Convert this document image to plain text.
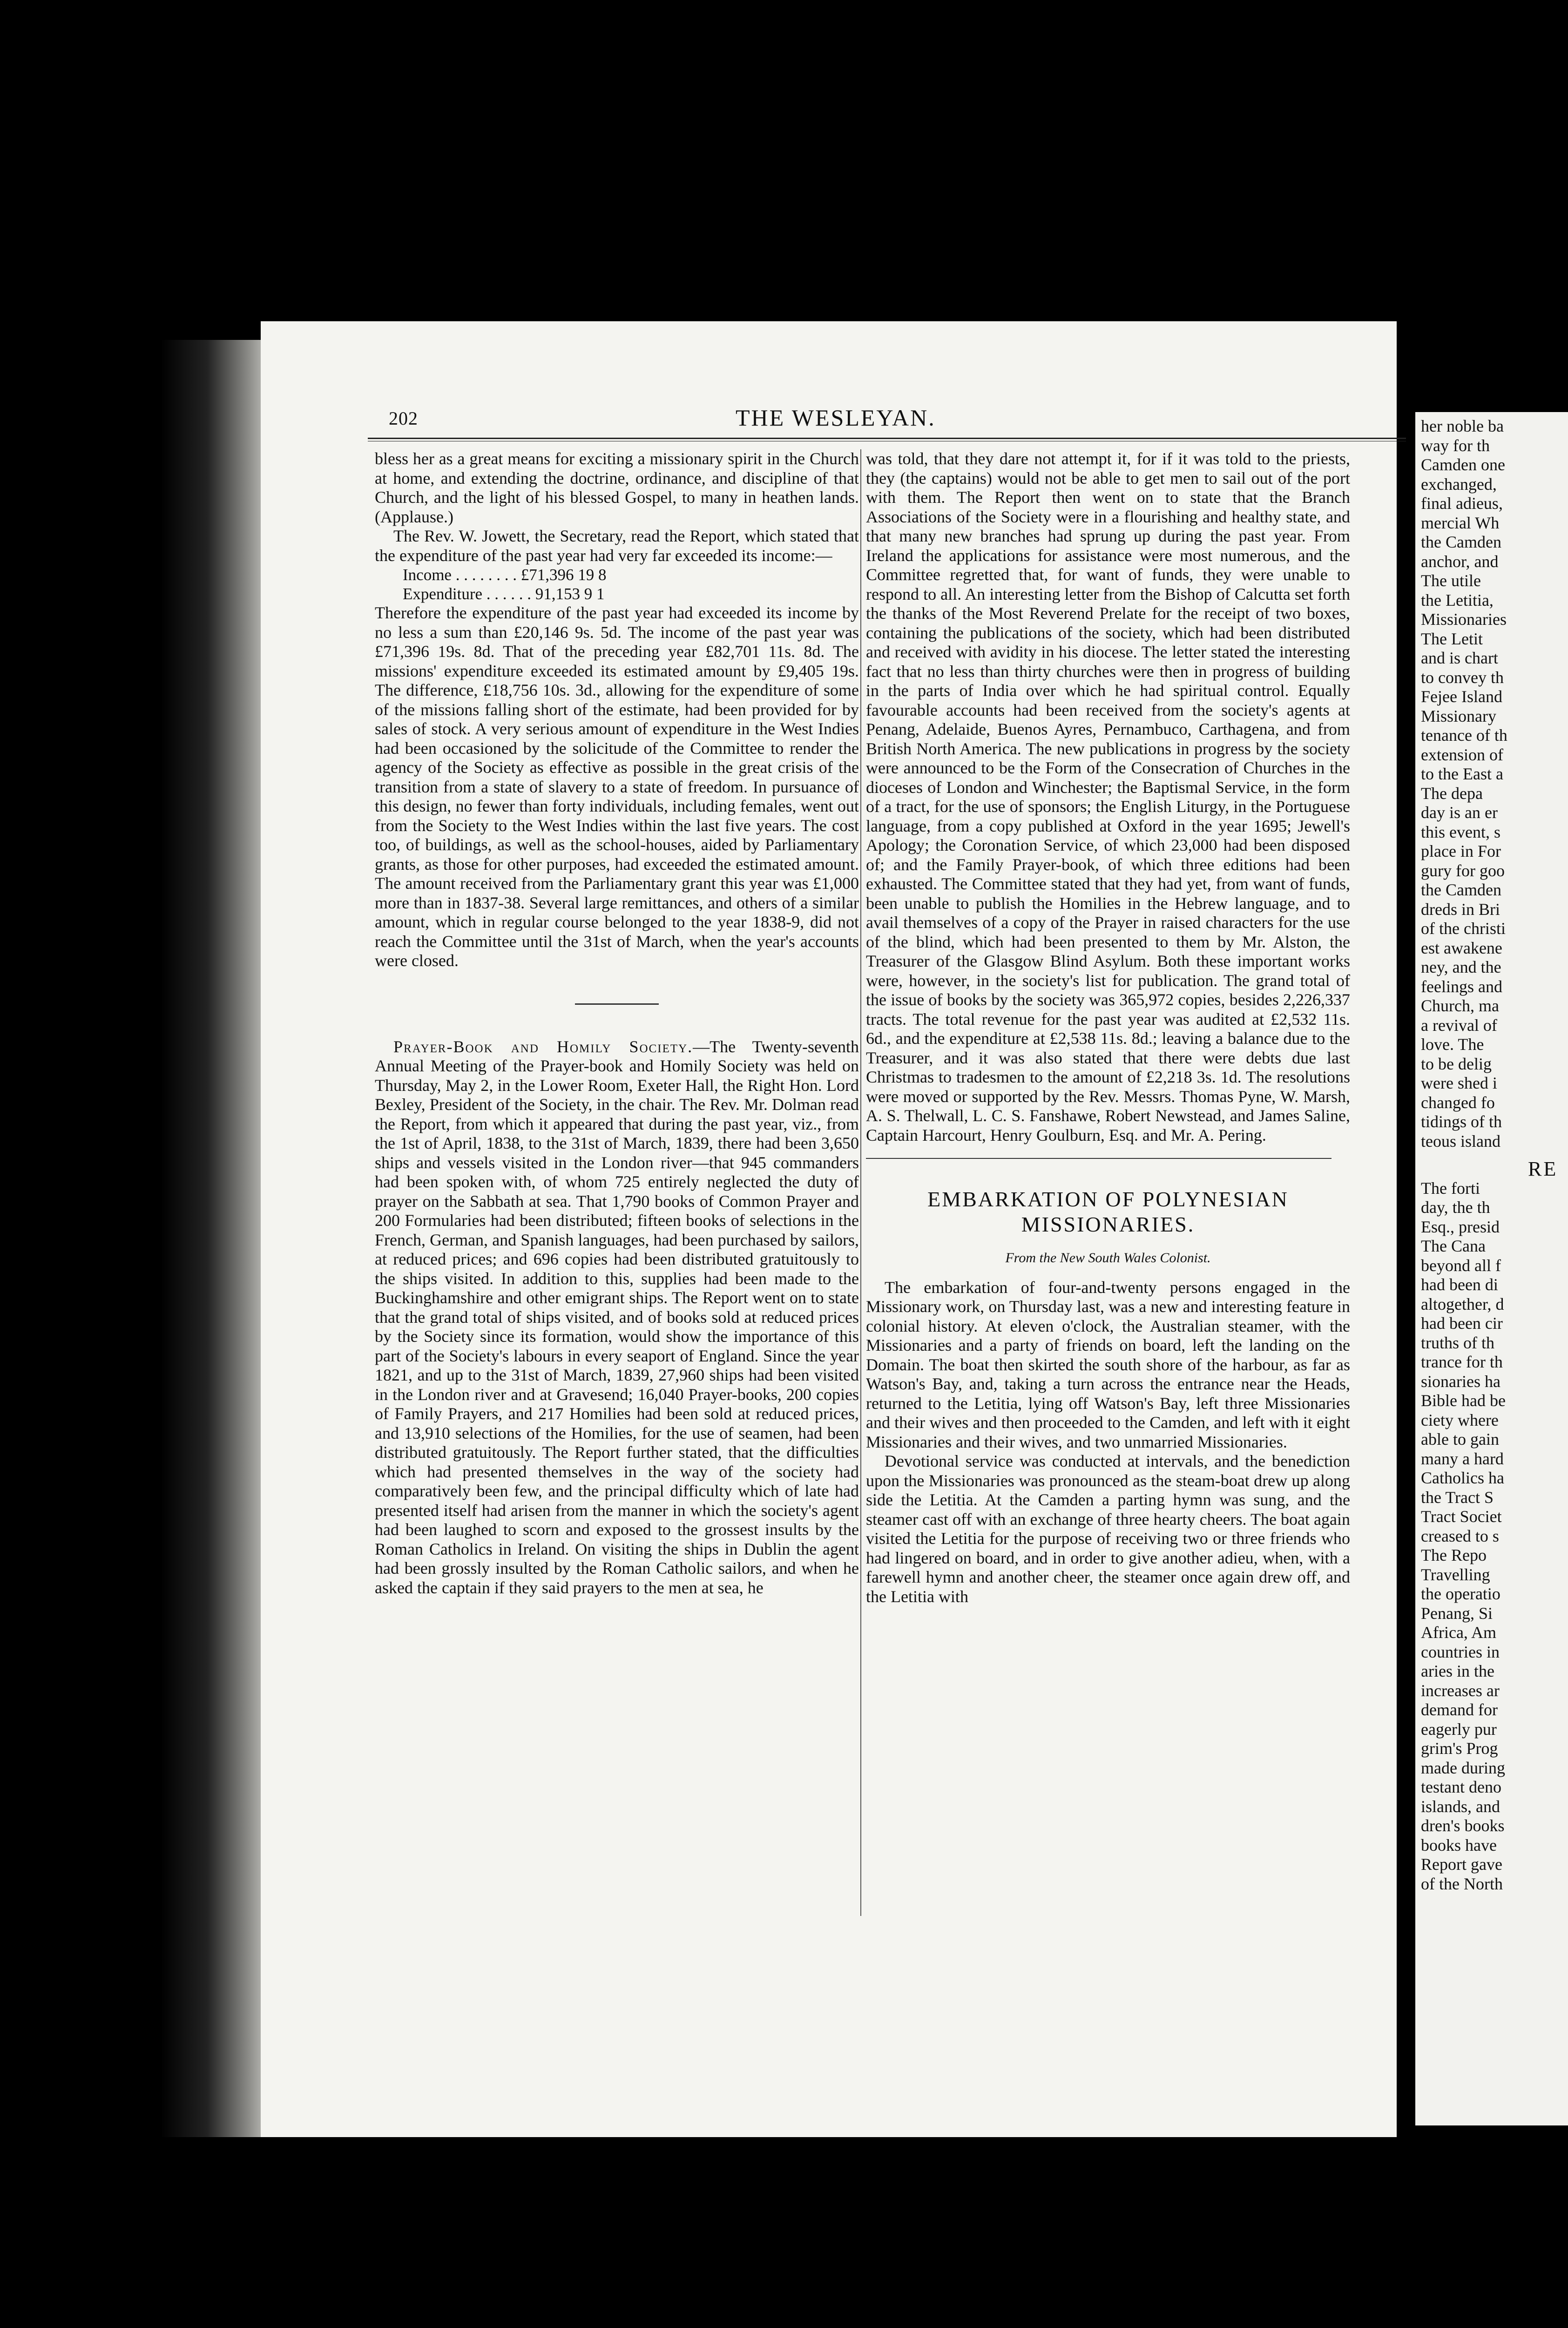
202	THE WESLEYAN.

bless her as a great means for exciting a missionary spirit in the Church at home, and extending the doctrine, ordinance, and discipline of that Church, and the light of his blessed Gospel, to many in heathen lands. (Applause.)

The Rev. W. Jowett, the Secretary, read the Report, which stated that the expenditure of the past year had very far exceeded its income:—

Income . . . . . . . . £71,396 19 8
Expenditure . . . . . . 91,153 9 1

Therefore the expenditure of the past year had exceeded its income by no less a sum than £20,146 9s. 5d. The income of the past year was £71,396 19s. 8d. That of the preceding year £82,701 11s. 8d. The missions' expenditure exceeded its estimated amount by £9,405 19s. The difference, £18,756 10s. 3d., allowing for the expenditure of some of the missions falling short of the estimate, had been provided for by sales of stock. A very serious amount of expenditure in the West Indies had been occasioned by the solicitude of the Committee to render the agency of the Society as effective as possible in the great crisis of the transition from a state of slavery to a state of freedom. In pursuance of this design, no fewer than forty individuals, including females, went out from the Society to the West Indies within the last five years. The cost too, of buildings, as well as the school-houses, aided by Parliamentary grants, as those for other purposes, had exceeded the estimated amount. The amount received from the Parliamentary grant this year was £1,000 more than in 1837-38. Several large remittances, and others of a similar amount, which in regular course belonged to the year 1838-9, did not reach the Committee until the 31st of March, when the year's accounts were closed.

Prayer-Book and Homily Society.—The Twenty-seventh Annual Meeting of the Prayer-book and Homily Society was held on Thursday, May 2, in the Lower Room, Exeter Hall, the Right Hon. Lord Bexley, President of the Society, in the chair. The Rev. Mr. Dolman read the Report, from which it appeared that during the past year, viz., from the 1st of April, 1838, to the 31st of March, 1839, there had been 3,650 ships and vessels visited in the London river—that 945 commanders had been spoken with, of whom 725 entirely neglected the duty of prayer on the Sabbath at sea. That 1,790 books of Common Prayer and 200 Formularies had been distributed; fifteen books of selections in the French, German, and Spanish languages, had been purchased by sailors, at reduced prices; and 696 copies had been distributed gratuitously to the ships visited. In addition to this, supplies had been made to the Buckinghamshire and other emigrant ships. The Report went on to state that the grand total of ships visited, and of books sold at reduced prices by the Society since its formation, would show the importance of this part of the Society's labours in every seaport of England. Since the year 1821, and up to the 31st of March, 1839, 27,960 ships had been visited in the London river and at Gravesend; 16,040 Prayer-books, 200 copies of Family Prayers, and 217 Homilies had been sold at reduced prices, and 13,910 selections of the Homilies, for the use of seamen, had been distributed gratuitously. The Report further stated, that the difficulties which had presented themselves in the way of the society had comparatively been few, and the principal difficulty which of late had presented itself had arisen from the manner in which the society's agent had been laughed to scorn and exposed to the grossest insults by the Roman Catholics in Ireland. On visiting the ships in Dublin the agent had been grossly insulted by the Roman Catholic sailors, and when he asked the captain if they said prayers to the men at sea, he

was told, that they dare not attempt it, for if it was told to the priests, they (the captains) would not be able to get men to sail out of the port with them. The Report then went on to state that the Branch Associations of the Society were in a flourishing and healthy state, and that many new branches had sprung up during the past year. From Ireland the applications for assistance were most numerous, and the Committee regretted that, for want of funds, they were unable to respond to all. An interesting letter from the Bishop of Calcutta set forth the thanks of the Most Reverend Prelate for the receipt of two boxes, containing the publications of the society, which had been distributed and received with avidity in his diocese. The letter stated the interesting fact that no less than thirty churches were then in progress of building in the parts of India over which he had spiritual control. Equally favourable accounts had been received from the society's agents at Penang, Adelaide, Buenos Ayres, Pernambuco, Carthagena, and from British North America. The new publications in progress by the society were announced to be the Form of the Consecration of Churches in the dioceses of London and Winchester; the Baptismal Service, in the form of a tract, for the use of sponsors; the English Liturgy, in the Portuguese language, from a copy published at Oxford in the year 1695; Jewell's Apology; the Coronation Service, of which 23,000 had been disposed of; and the Family Prayer-book, of which three editions had been exhausted. The Committee stated that they had yet, from want of funds, been unable to publish the Homilies in the Hebrew language, and to avail themselves of a copy of the Prayer in raised characters for the use of the blind, which had been presented to them by Mr. Alston, the Treasurer of the Glasgow Blind Asylum. Both these important works were, however, in the society's list for publication. The grand total of the issue of books by the society was 365,972 copies, besides 2,226,337 tracts. The total revenue for the past year was audited at £2,532 11s. 6d., and the expenditure at £2,538 11s. 8d.; leaving a balance due to the Treasurer, and it was also stated that there were debts due last Christmas to tradesmen to the amount of £2,218 3s. 1d. The resolutions were moved or supported by the Rev. Messrs. Thomas Pyne, W. Marsh, A. S. Thelwall, L. C. S. Fanshawe, Robert Newstead, and James Saline, Captain Harcourt, Henry Goulburn, Esq. and Mr. A. Pering.

EMBARKATION OF POLYNESIAN MISSIONARIES.
From the New South Wales Colonist.

The embarkation of four-and-twenty persons engaged in the Missionary work, on Thursday last, was a new and interesting feature in colonial history. At eleven o'clock, the Australian steamer, with the Missionaries and a party of friends on board, left the landing on the Domain. The boat then skirted the south shore of the harbour, as far as Watson's Bay, and, taking a turn across the entrance near the Heads, returned to the Letitia, lying off Watson's Bay, left three Missionaries and their wives and then proceeded to the Camden, and left with it eight Missionaries and their wives, and two unmarried Missionaries.

Devotional service was conducted at intervals, and the benediction upon the Missionaries was pronounced as the steam-boat drew up along side the Letitia. At the Camden a parting hymn was sung, and the steamer cast off with an exchange of three hearty cheers. The boat again visited the Letitia for the purpose of receiving two or three friends who had lingered on board, and in order to give another adieu, when, with a farewell hymn and another cheer, the steamer once again drew off, and the Letitia with

her noble ba
way for th
Camden one
exchanged,
final adieus,
mercial Wh
the Camden
anchor, and
The utile
the Letitia,
Missionaries
The Letit
and is chart
to convey th
Fejee Island
Missionary
tenance of th
extension of
to the East a
The depa
day is an er
this event, s
place in For
gury for goo
the Camden
dreds in Bri
of the christi
est awakene
ney, and the
feelings and
Church, ma
a revival of
love. The
to be delig
were shed i
changed fo
tidings of th
teous island
RE
The forti
day, the th
Esq., presid
The Cana
beyond all f
had been di
altogether, d
had been cir
truths of th
trance for th
sionaries ha
Bible had be
ciety where
able to gain
many a hard
Catholics ha
the Tract S
Tract Societ
creased to s
The Repo
Travelling
the operatio
Penang, Si
Africa, Am
countries in
aries in the
increases ar
demand for
eagerly pur
grim's Prog
made during
testant deno
islands, and
dren's books
books have
Report gave
of the North
